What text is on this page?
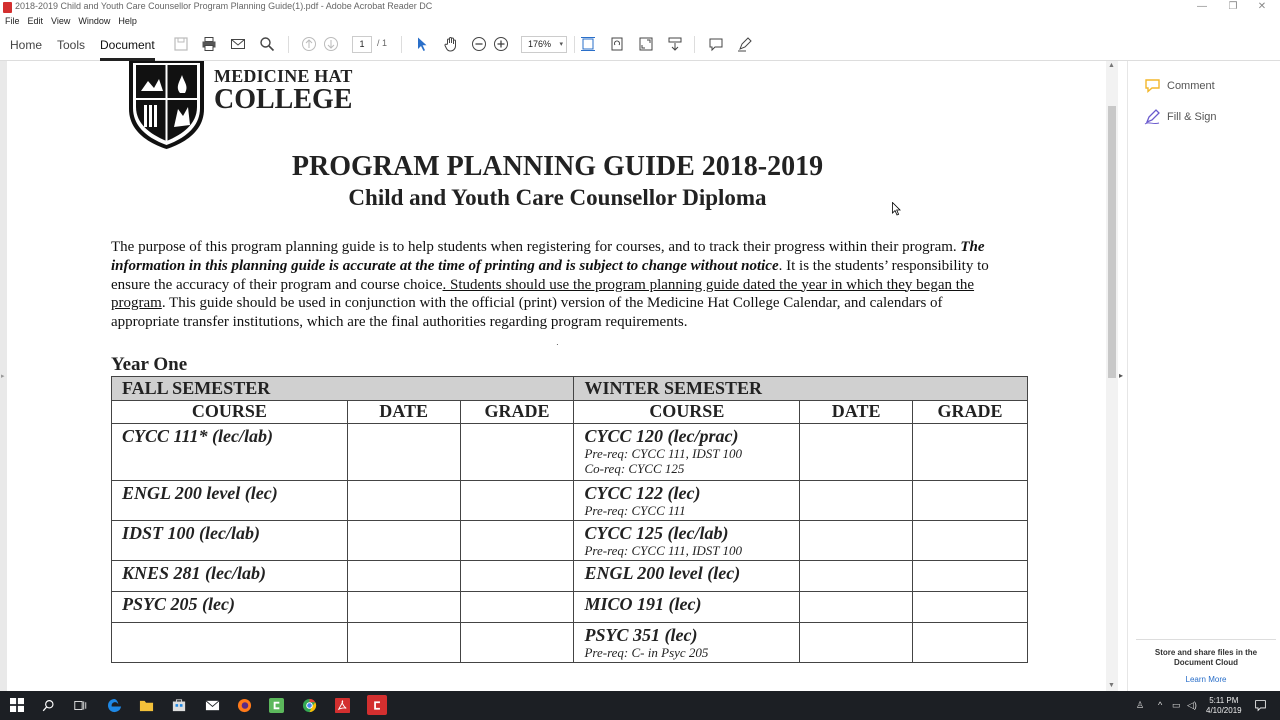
2018-2019 Child and Youth Care Counsellor Program Planning Guide(1).pdf - Adobe Acrobat Reader DC	—	❐	✕
File Edit View Window Help
Home Tools Document	1	/ 1	176% ▾
▸
MEDICINE HAT
COLLEGE
PROGRAM PLANNING GUIDE 2018-2019
Child and Youth Care Counsellor Diploma
The purpose of this program planning guide is to help students when registering for courses, and to track their progress within their program. The information in this planning guide is accurate at the time of printing and is subject to change without notice. It is the students’ responsibility to ensure the accuracy of their program and course choice. Students should use the program planning guide dated the year in which they began the program. This guide should be used in conjunction with the official (print) version of the Medicine Hat College Calendar, and calendars of appropriate transfer institutions, which are the final authorities regarding program requirements.
·
Year One
FALL SEMESTER			WINTER SEMESTER		
COURSE	DATE	GRADE	COURSE	DATE	GRADE

CYCC 111* (lec/lab)			CYCC 120 (lec/prac)
Pre-req: CYCC 111, IDST 100
Co-req: CYCC 125		

ENGL 200 level (lec)			CYCC 122 (lec)
Pre-req: CYCC 111		

IDST 100 (lec/lab)			CYCC 125 (lec/lab)
Pre-req: CYCC 111, IDST 100		

KNES 281 (lec/lab)			ENGL 200 level (lec)		

PSYC 205 (lec)			MICO 191 (lec)		

			PSYC 351 (lec)
Pre-req: C- in Psyc 205		

▲
▼
▸
Comment
Fill & Sign
Store and share files in the Document Cloud
Learn More
♙ ^ ▭ ◁)	5:11 PM
4/10/2019
